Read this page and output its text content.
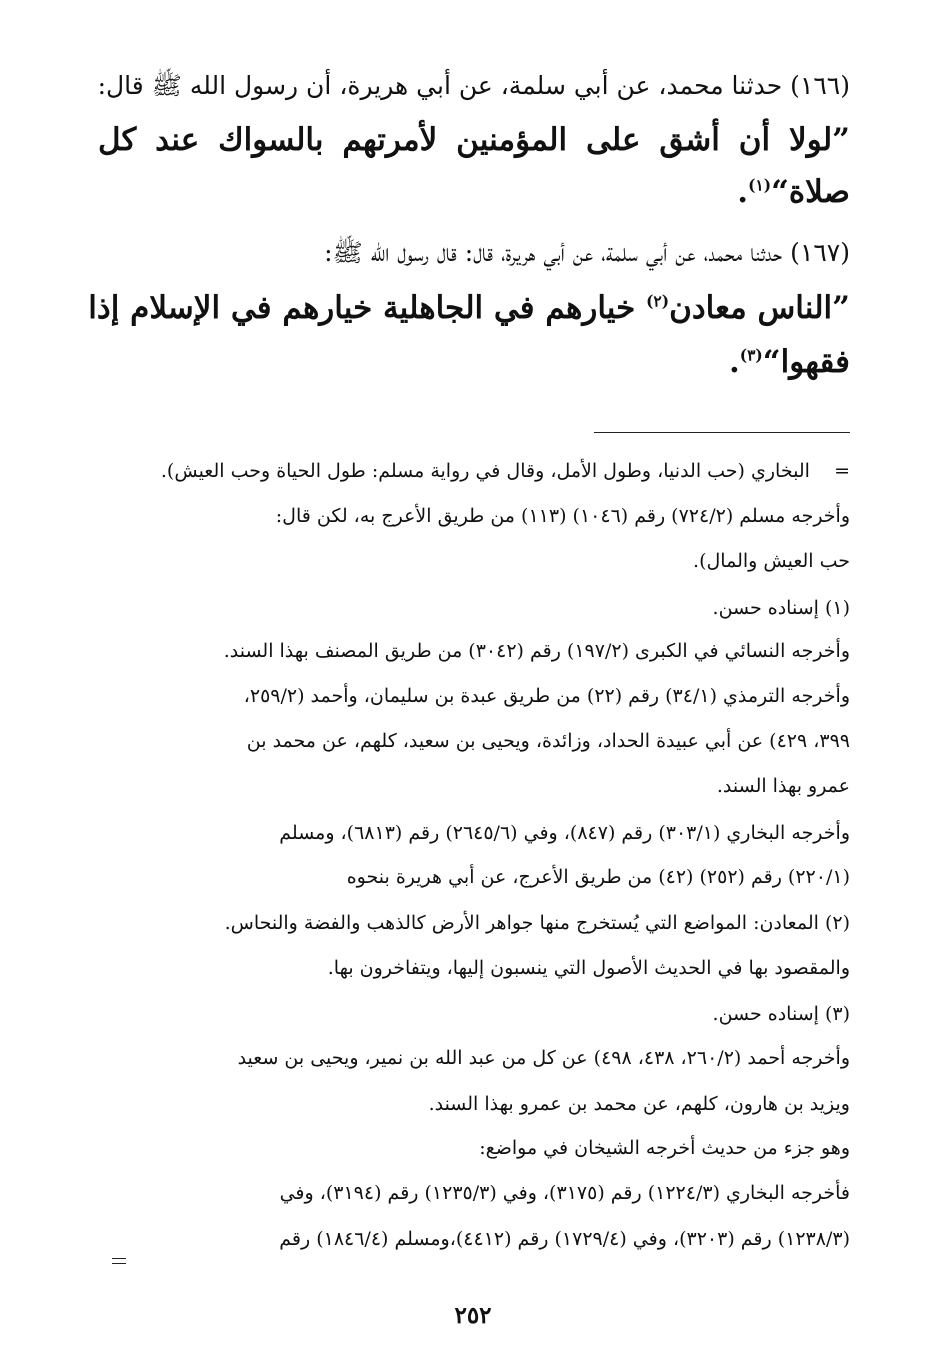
(١٦٦) حدثنا محمد، عن أبي سلمة، عن أبي هريرة، أن رسول الله ﷺ قال:
”لولا أن أشق على المؤمنين لأمرتهم بالسواك عند كل
صلاة“$^{(١)}$.
(١٦٧) حدثنا محمد، عن أبي سلمة، عن أبي هريرة، قال: قال رسول الله ﷺ:
”الناس معادن$^{(٢)}$ خيارهم في الجاهلية خيارهم في الإسلام إذا
فقهوا“$^{(٣)}$.
=    البخاري (حب الدنيا، وطول الأمل، وقال في رواية مسلم: طول الحياة وحب العيش).
وأخرجه مسلم (٧٢٤/٢) رقم (١٠٤٦) (١١٣) من طريق الأعرج به، لكن قال:
حب العيش والمال).
(١) إسناده حسن.
وأخرجه النسائي في الكبرى (١٩٧/٢) رقم (٣٠٤٢) من طريق المصنف بهذا السند.
وأخرجه الترمذي (٣٤/١) رقم (٢٢) من طريق عبدة بن سليمان، وأحمد (٢٥٩/٢،
٣٩٩، ٤٢٩) عن أبي عبيدة الحداد، وزائدة، ويحيى بن سعيد، كلهم، عن محمد بن
عمرو بهذا السند.
وأخرجه البخاري (٣٠٣/١) رقم (٨٤٧)، وفي (٢٦٤٥/٦) رقم (٦٨١٣)، ومسلم
(٢٢٠/١) رقم (٢٥٢) (٤٢) من طريق الأعرج، عن أبي هريرة بنحوه
(٢) المعادن: المواضع التي يُستخرج منها جواهر الأرض كالذهب والفضة والنحاس.
والمقصود بها في الحديث الأصول التي ينسبون إليها، ويتفاخرون بها.
(٣) إسناده حسن.
وأخرجه أحمد (٢٦٠/٢، ٤٣٨، ٤٩٨) عن كل من عبد الله بن نمير، ويحيى بن سعيد
ويزيد بن هارون، كلهم، عن محمد بن عمرو بهذا السند.
وهو جزء من حديث أخرجه الشيخان في مواضع:
فأخرجه البخاري (١٢٢٤/٣) رقم (٣١٧٥)، وفي (١٢٣٥/٣) رقم (٣١٩٤)، وفي
(١٢٣٨/٣) رقم (٣٢٠٣)، وفي (١٧٢٩/٤) رقم (٤٤١٢)،ومسلم (١٨٤٦/٤) رقم
٢٥٢
